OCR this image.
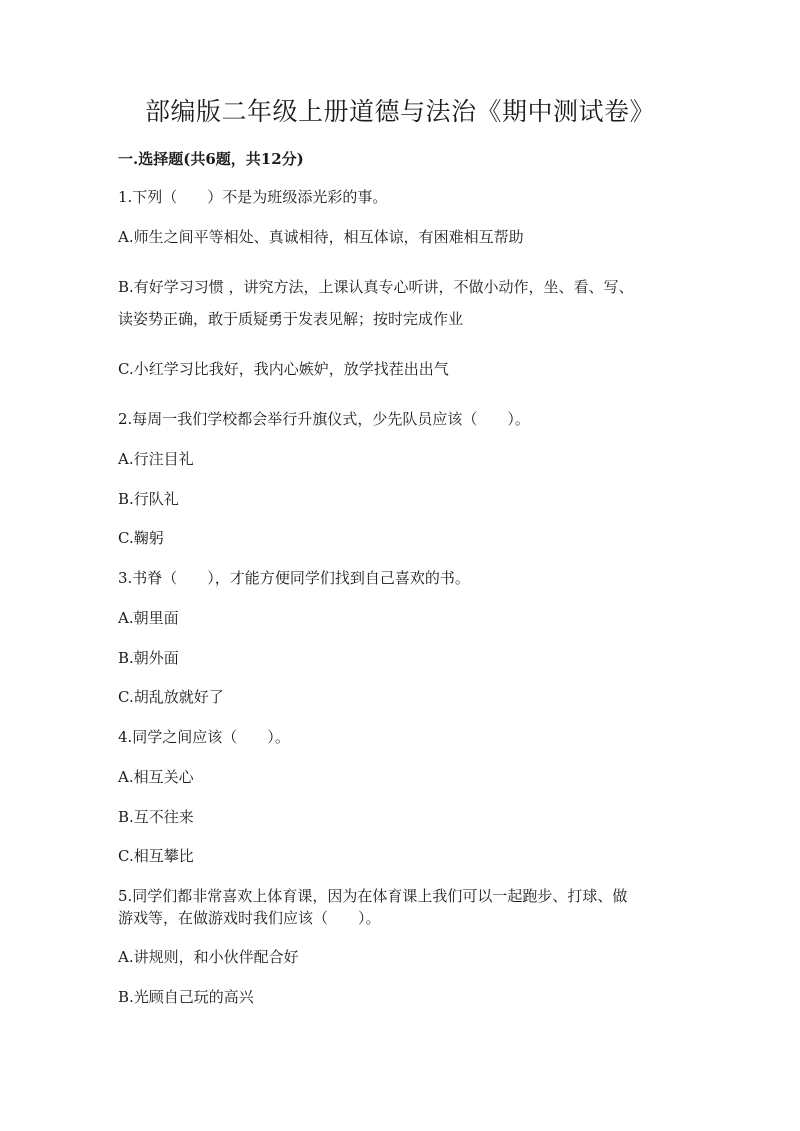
部编版二年级上册道德与法治《期中测试卷》
一.选择题(共6题，共12分)
1.下列（　　）不是为班级添光彩的事。
A.师生之间平等相处、真诚相待，相互体谅，有困难相互帮助
B.有好学习习惯 ，讲究方法，上课认真专心听讲，不做小动作，坐、看、写、
读姿势正确，敢于质疑勇于发表见解；按时完成作业
C.小红学习比我好，我内心嫉妒，放学找茬出出气
2.每周一我们学校都会举行升旗仪式，少先队员应该（　　）。
A.行注目礼
B.行队礼
C.鞠躬
3.书脊（　　），才能方便同学们找到自己喜欢的书。
A.朝里面
B.朝外面
C.胡乱放就好了
4.同学之间应该（　　）。
A.相互关心
B.互不往来
C.相互攀比
5.同学们都非常喜欢上体育课，因为在体育课上我们可以一起跑步、打球、做
游戏等，在做游戏时我们应该（　　）。
A.讲规则，和小伙伴配合好
B.光顾自己玩的高兴
